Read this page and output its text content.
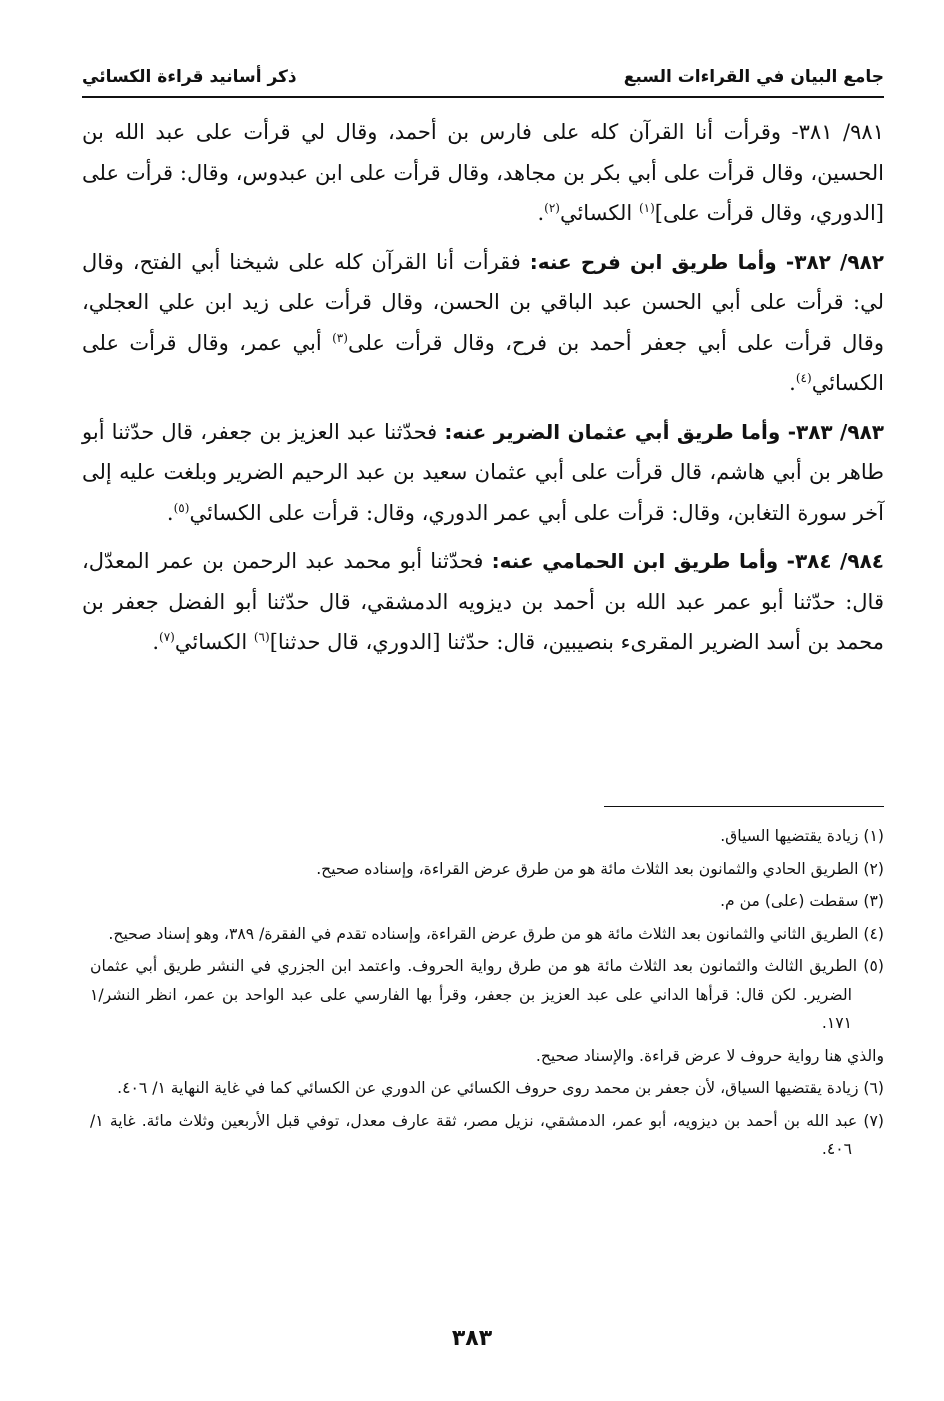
جامع البيان في القراءات السبع
ذكر أسانيد قراءة الكسائي

٩٨١/ ٣٨١- وقرأت أنا القرآن كله على فارس بن أحمد، وقال لي قرأت على عبد الله بن الحسين، وقال قرأت على أبي بكر بن مجاهد، وقال قرأت على ابن عبدوس، وقال: قرأت على [الدوري، وقال قرأت على]$^{(١)}$ الكسائي$^{(٢)}$.

٩٨٢/ ٣٨٢- وأما طريق ابن فرح عنه: فقرأت أنا القرآن كله على شيخنا أبي الفتح، وقال لي: قرأت على أبي الحسن عبد الباقي بن الحسن، وقال قرأت على زيد ابن علي العجلي، وقال قرأت على أبي جعفر أحمد بن فرح، وقال قرأت على$^{(٣)}$ أبي عمر، وقال قرأت على الكسائي$^{(٤)}$.

٩٨٣/ ٣٨٣- وأما طريق أبي عثمان الضرير عنه: فحدّثنا عبد العزيز بن جعفر، قال حدّثنا أبو طاهر بن أبي هاشم، قال قرأت على أبي عثمان سعيد بن عبد الرحيم الضرير وبلغت عليه إلى آخر سورة التغابن، وقال: قرأت على أبي عمر الدوري، وقال: قرأت على الكسائي$^{(٥)}$.

٩٨٤/ ٣٨٤- وأما طريق ابن الحمامي عنه: فحدّثنا أبو محمد عبد الرحمن بن عمر المعدّل، قال: حدّثنا أبو عمر عبد الله بن أحمد بن ديزويه الدمشقي، قال حدّثنا أبو الفضل جعفر بن محمد بن أسد الضرير المقرىء بنصيبين، قال: حدّثنا [الدوري، قال حدثنا]$^{(٦)}$ الكسائي$^{(٧)}$.

(١) زيادة يقتضيها السياق.

(٢) الطريق الحادي والثمانون بعد الثلاث مائة هو من طرق عرض القراءة، وإسناده صحيح.

(٣) سقطت (على) من م.

(٤) الطريق الثاني والثمانون بعد الثلاث مائة هو من طرق عرض القراءة، وإسناده تقدم في الفقرة/ ٣٨٩، وهو إسناد صحيح.

(٥) الطريق الثالث والثمانون بعد الثلاث مائة هو من طرق رواية الحروف. واعتمد ابن الجزري في النشر طريق أبي عثمان الضرير. لكن قال: قرأها الداني على عبد العزيز بن جعفر، وقرأ بها الفارسي على عبد الواحد بن عمر، انظر النشر/١ ١٧١.

والذي هنا رواية حروف لا عرض قراءة. والإسناد صحيح.

(٦) زيادة يقتضيها السياق، لأن جعفر بن محمد روى حروف الكسائي عن الدوري عن الكسائي كما في غاية النهاية ١/ ٤٠٦.

(٧) عبد الله بن أحمد بن ديزويه، أبو عمر، الدمشقي، نزيل مصر، ثقة عارف معدل، توفي قبل الأربعين وثلاث مائة. غاية ١/ ٤٠٦.

٣٨٣
